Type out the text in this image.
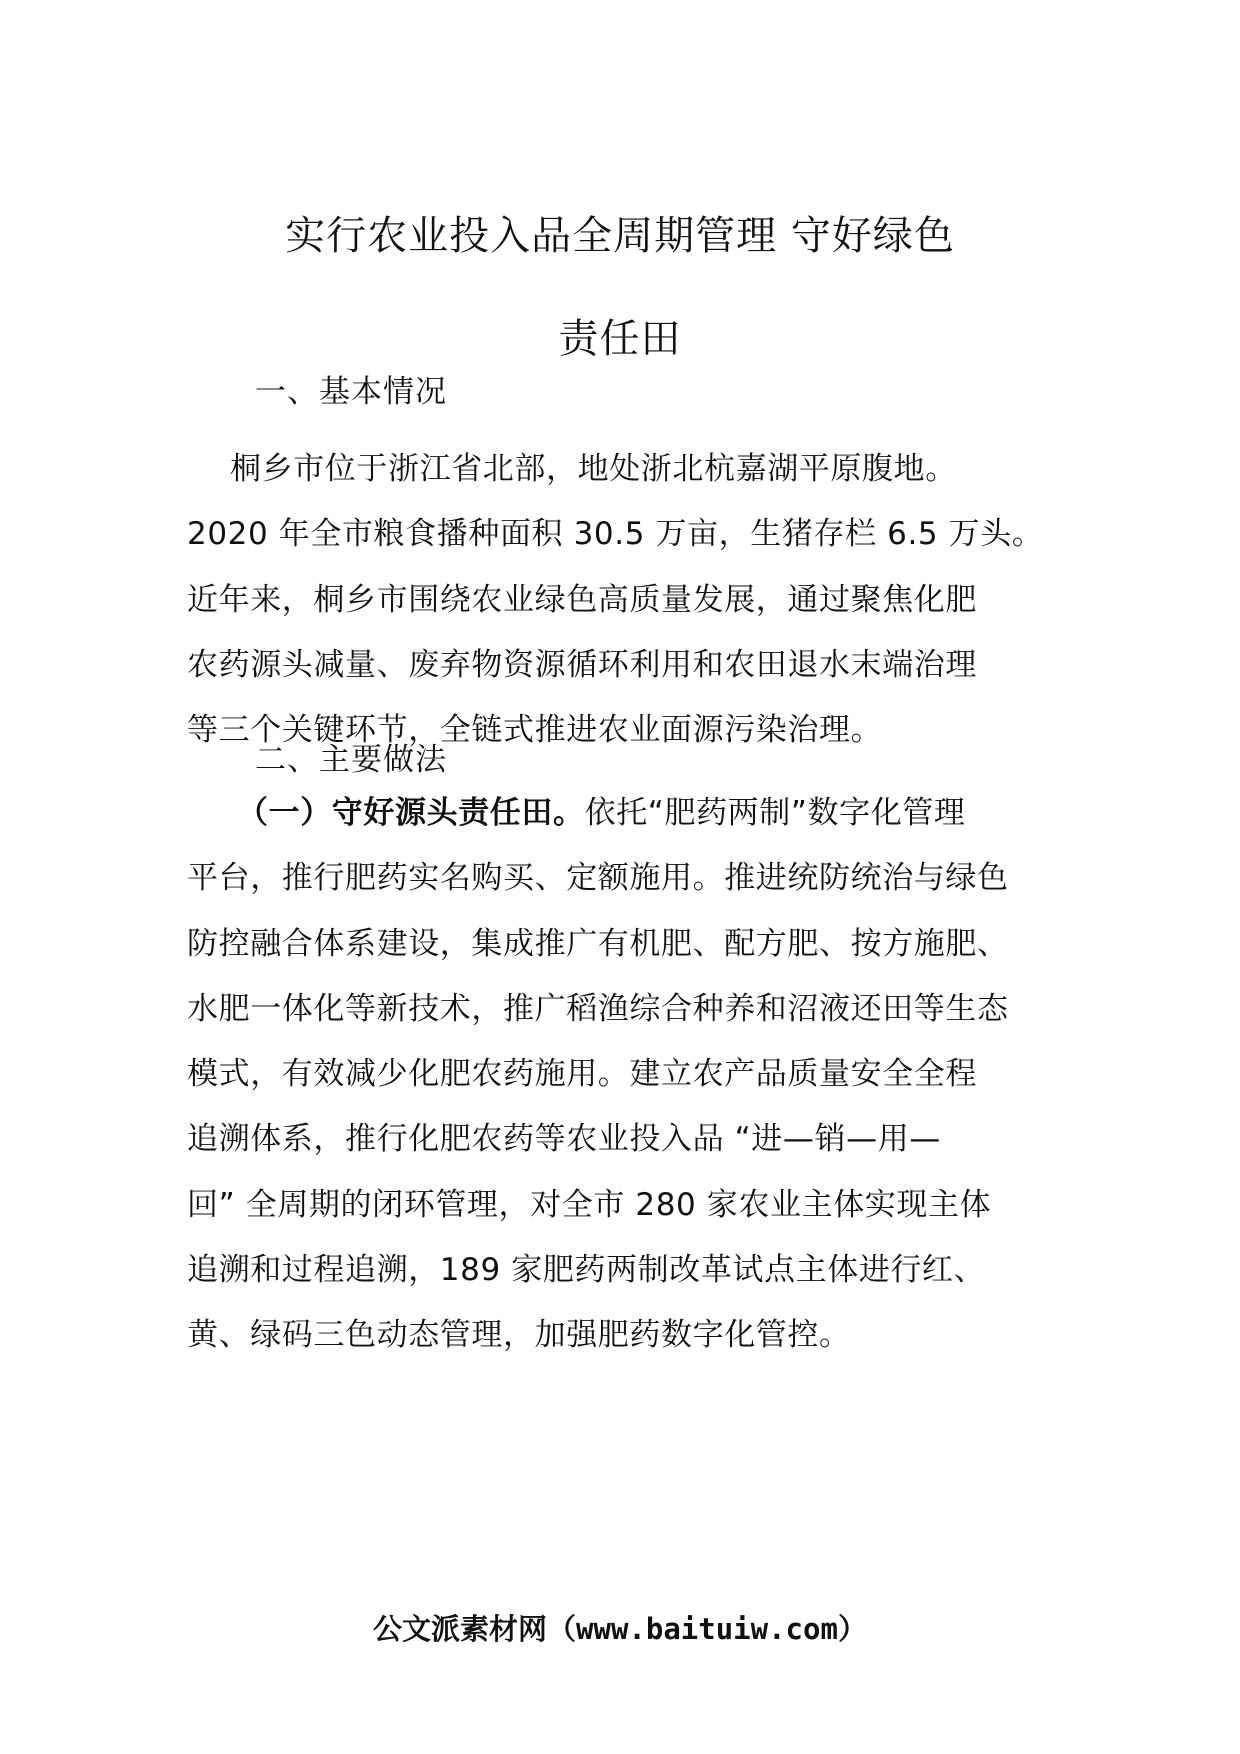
实行农业投入品全周期管理 守好绿色
责任田
一、基本情况
桐乡市位于浙江省北部，地处浙北杭嘉湖平原腹地。
2020 年全市粮食播种面积 30.5 万亩，生猪存栏 6.5 万头。
近年来，桐乡市围绕农业绿色高质量发展，通过聚焦化肥
农药源头减量、废弃物资源循环利用和农田退水末端治理
等三个关键环节，全链式推进农业面源污染治理。
二、主要做法
（一）守好源头责任田。依托“肥药两制”数字化管理
平台，推行肥药实名购买、定额施用。推进统防统治与绿色
防控融合体系建设，集成推广有机肥、配方肥、按方施肥、
水肥一体化等新技术，推广稻渔综合种养和沼液还田等生态
模式，有效减少化肥农药施用。建立农产品质量安全全程
追溯体系，推行化肥农药等农业投入品 “进—销—用—
回” 全周期的闭环管理，对全市 280 家农业主体实现主体
追溯和过程追溯，189 家肥药两制改革试点主体进行红、
黄、绿码三色动态管理，加强肥药数字化管控。
公文派素材网（www.baituiw.com）
